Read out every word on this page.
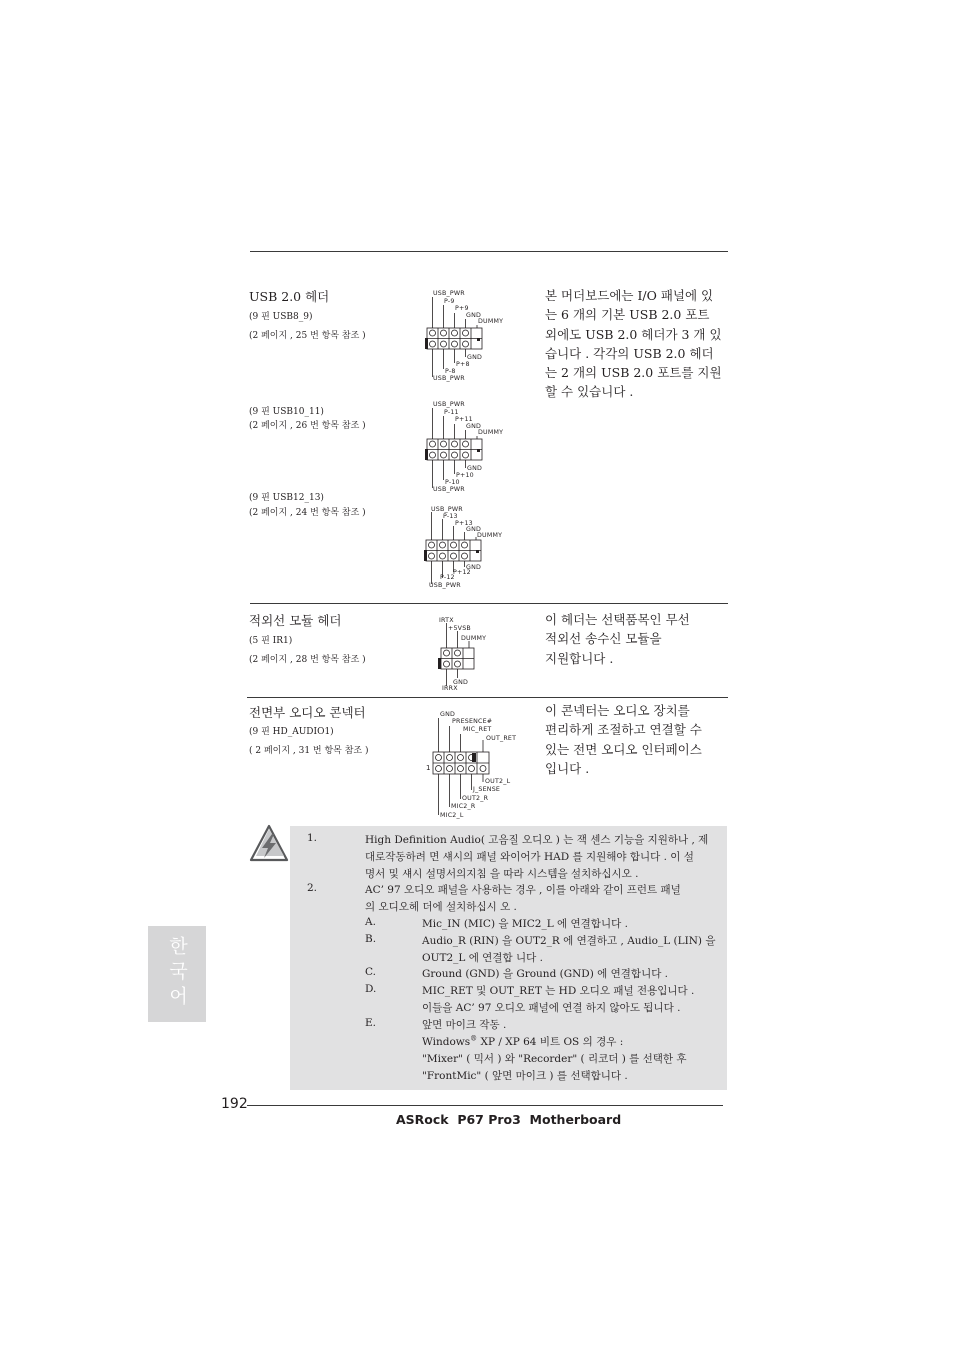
USB 2.0 헤더
(9 핀 USB8_9)
(2 페이지 , 25 번 항목 참조 )
(9 핀 USB10_11)
(2 페이지 , 26 번 항목 참조 )
(9 핀 USB12_13)
(2 페이지 , 24 번 항목 참조 )
본 머더보드에는 I/O 패널에 있
는 6 개의 기본 USB 2.0 포트
외에도 USB 2.0 헤더가 3 개 있
습니다 . 각각의 USB 2.0 헤더
는 2 개의 USB 2.0 포트를 지원
할 수 있습니다 .
USB_PWR
P-9
P+9
GND
DUMMY
GND
P+8
P-8
USB_PWR
USB_PWR
P-11
P+11
GND
DUMMY
GND
P+10
P-10
USB_PWR
USB_PWR
P-13
P+13
GND
DUMMY
GND
P+12
P-12
USB_PWR
적외선 모듈 헤더
(5 핀 IR1)
(2 페이지 , 28 번 항목 참조 )
이 헤더는 선택품목인 무선
적외선 송수신 모듈을
지원합니다 .
IRTX
+5VSB
DUMMY
GND
IRRX
전면부 오디오 콘넥터
(9 핀 HD_AUDIO1)
( 2 페이지 , 31 번 항목 참조 )
이 콘넥터는 오디오 장치를
편리하게 조절하고 연결할 수
있는 전면 오디오 인터페이스
입니다 .
GND
PRESENCE#
MIC_RET
OUT_RET
OUT2_L
J_SENSE
OUT2_R
MIC2_R
MIC2_L
1
1.	High Definition Audio( 고음질 오디오 ) 는 잭 센스 기능을 지원하나 , 제
대로작동하려 면 섀시의 패널 와이어가 HAD 를 지원해야 합니다 . 이 설
명서 및 섀시 설명서의지침 을 따라 시스템을 설치하십시오 .
2.	AC’ 97 오디오 패널을 사용하는 경우 , 이를 아래와 같이 프런트 패널
의 오디오헤 더에 설치하십시 오 .
A.	Mic_IN (MIC) 을 MIC2_L 에 연결합니다 .
B.	Audio_R (RIN) 을 OUT2_R 에 연결하고 , Audio_L (LIN) 을
OUT2_L 에 연결합 니다 .
C.	Ground (GND) 을 Ground (GND) 에 연결합니다 .
D.	MIC_RET 및 OUT_RET 는 HD 오디오 패널 전용입니다 .
이들을 AC’ 97 오디오 패널에 연결 하지 않아도 됩니다 .
E.	앞면 마이크 작동 .
Windows® XP / XP 64 비트 OS 의 경우 :
"Mixer" ( 믹서 ) 와 "Recorder" ( 리코더 ) 를 선택한 후
"FrontMic" ( 앞면 마이크 ) 를 선택합니다 .
한국어
192
ASRock  P67 Pro3  Motherboard
